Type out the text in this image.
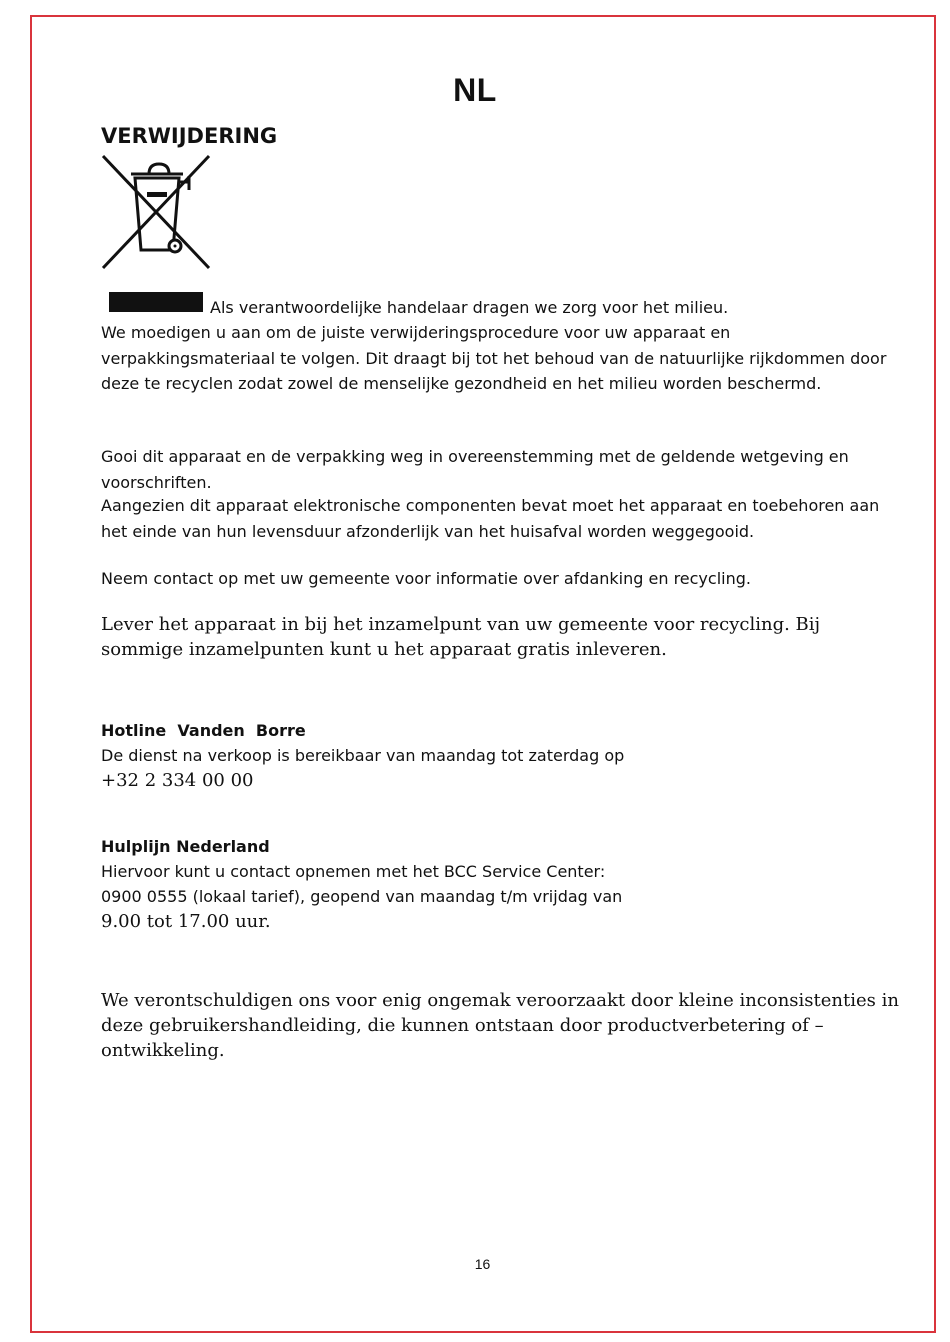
NL
VERWIJDERING
Als verantwoordelijke handelaar dragen we zorg voor het milieu.
We moedigen u aan om de juiste verwijderingsprocedure voor uw apparaat en verpakkingsmateriaal te volgen. Dit draagt bij tot het behoud van de natuurlijke rijkdommen door deze te recyclen zodat zowel de menselijke gezondheid en het milieu worden beschermd.
Gooi dit apparaat en de verpakking weg in overeenstemming met de geldende wetgeving en voorschriften.
Aangezien dit apparaat elektronische componenten bevat moet het apparaat en toebehoren aan het einde van hun levensduur afzonderlijk van het huisafval worden weggegooid.
Neem contact op met uw gemeente voor informatie over afdanking en recycling.
Lever het apparaat in bij het inzamelpunt van uw gemeente voor recycling. Bij sommige inzamelpunten kunt u het apparaat gratis inleveren.
Hotline  Vanden  Borre
De dienst na verkoop is bereikbaar van maandag tot zaterdag op
+32 2 334 00 00
Hulplijn Nederland
Hiervoor kunt u contact opnemen met het BCC Service Center:
0900 0555 (lokaal tarief), geopend van maandag t/m vrijdag van
9.00 tot 17.00 uur.
We verontschuldigen ons voor enig ongemak veroorzaakt door kleine inconsistenties in deze gebruikershandleiding, die kunnen ontstaan door productverbetering of – ontwikkeling.
16
